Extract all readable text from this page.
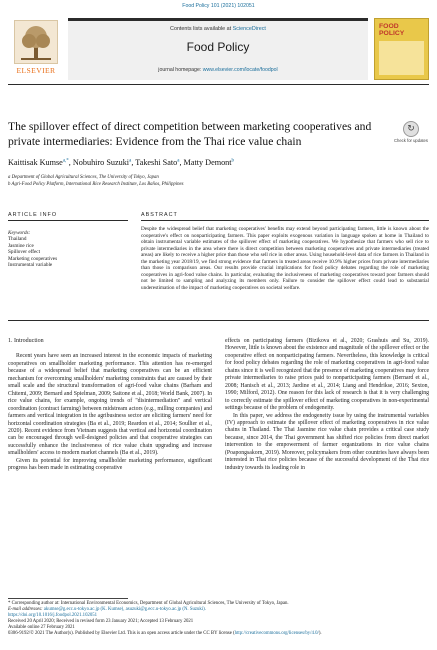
Food Policy 101 (2021) 102051
ELSEVIER
Contents lists available at ScienceDirect
Food Policy
journal homepage: www.elsevier.com/locate/foodpol
FOOD
POLICY
The spillover effect of direct competition between marketing cooperatives and private intermediaries: Evidence from the Thai rice value chain
↻
Check for updates
Kaittisak Kumse$^{a,*}$, Nobuhiro Suzuki$^a$, Takeshi Sato$^a$, Matty Demont$^b$
a Department of Global Agricultural Sciences, The University of Tokyo, Japan
b Agri-Food Policy Platform, International Rice Research Institute, Los Baños, Philippines
ARTICLE INFO	ABSTRACT
Keywords:
Thailand
Jasmine rice
Spillover effect
Marketing cooperatives
Instrumental variable
Despite the widespread belief that marketing cooperatives' benefits may extend beyond participating farmers, little is known about the cooperative's effect on nonparticipating farmers. This paper exploits exogenous variation in language spoken at home in Thailand to obtain instrumental variable estimates of the spillover effect of marketing cooperatives. We hypothesize that farmers who sell rice to private intermediaries in the area where there is direct competition between marketing cooperatives and private intermediaries (treated areas) are likely to receive a higher price than those who sell rice in other areas. Using household-level data of rice farmers in Thailand in the marketing year 2018/19, we find strong evidence that farmers in treated areas receive 10.9% higher prices from private intermediaries than those in comparison areas. Our results provide crucial implications for food policy debates regarding the role of marketing cooperatives in agri-food value chains. In particular, evaluating the inclusiveness of marketing cooperatives toward poor farmers should not be limited to sampling and analyzing its members only. Failure to consider the spillover effect could lead to substantial underestimation of the impact of marketing cooperatives on societal welfare.
1. Introduction

Recent years have seen an increased interest in the economic impacts of marketing cooperatives on smallholder marketing performance. This attention has re-emerged because of a widespread belief that marketing cooperatives can be an efficient mechanism for overcoming smallholders' marketing constraints that are caused by their small scale and the structural transformation of agri-food value chains (Barham and Chitemi, 2009; Bernard and Spielman, 2009; Saitone et al., 2018; World Bank, 2007). In rice value chains, for example, ongoing trends of "disintermediation" and vertical coordination (contract farming) between midstream actors (e.g., milling companies) and farmers and vertical integration in the agribusiness sector are eliciting farmers' need for horizontal coordination strategies (Ba et al., 2019; Reardon et al., 2014; Soullier et al., 2020). Recent evidence from Vietnam suggests that vertical and horizontal coordination can be encouraged through well-designed policies and that cooperative strategies can successfully enhance the inclusiveness of rice value chain upgrading and increase smallholders' access to modern market channels (Ba et al., 2019).

Given its potential for improving smallholder marketing performance, significant progress has been made in estimating cooperative

effects on participating farmers (Bizikova et al., 2020; Grashuis and Su, 2019). However, little is known about the existence and magnitude of the spillover effect or the cooperative effect on nonparticipating farmers. Nevertheless, this knowledge is critical for food policy debates regarding the role of marketing cooperatives in agri-food value chains since it is well recognized that the presence of marketing cooperatives may force private intermediaries to raise prices paid to nonparticipating farmers (Bernard et al., 2008; Hanisch et al., 2013; Jardine et al., 2014; Liang and Hendrikse, 2016; Sexton, 1990; Milford, 2012). One reason for this lack of research is that it is very challenging to correctly estimate the spillover effect of marketing cooperatives in non-experimental settings because of the problem of endogeneity.

In this paper, we address the endogeneity issue by using the instrumental variables (IV) approach to estimate the spillover effect of marketing cooperatives in rice value chains in Thailand. The Thai Jasmine rice value chain provides a critical case study because, since 2014, the Thai government has shifted rice policies from direct market intervention to the empowerment of farmer organizations in rice value chains (Poapongsakorn, 2019). Moreover, policymakers from other countries have always been interested in Thai rice policies because of the successful development of the Thai rice industry towards its leading role in

* Corresponding author at: International Environmental Economics, Department of Global Agricultural Sciences, The University of Tokyo, Japan.
E-mail addresses: akumse@g.ecc.u-tokyo.ac.jp (K. Kumse), asuzuki@g.ecc.u-tokyo.ac.jp (N. Suzuki).
https://doi.org/10.1016/j.foodpol.2021.102051
Received 20 April 2020; Received in revised form 23 January 2021; Accepted 13 February 2021
Available online 27 February 2021
0306-9192/© 2021 The Author(s). Published by Elsevier Ltd. This is an open access article under the CC BY license (http://creativecommons.org/licenses/by/4.0/).
